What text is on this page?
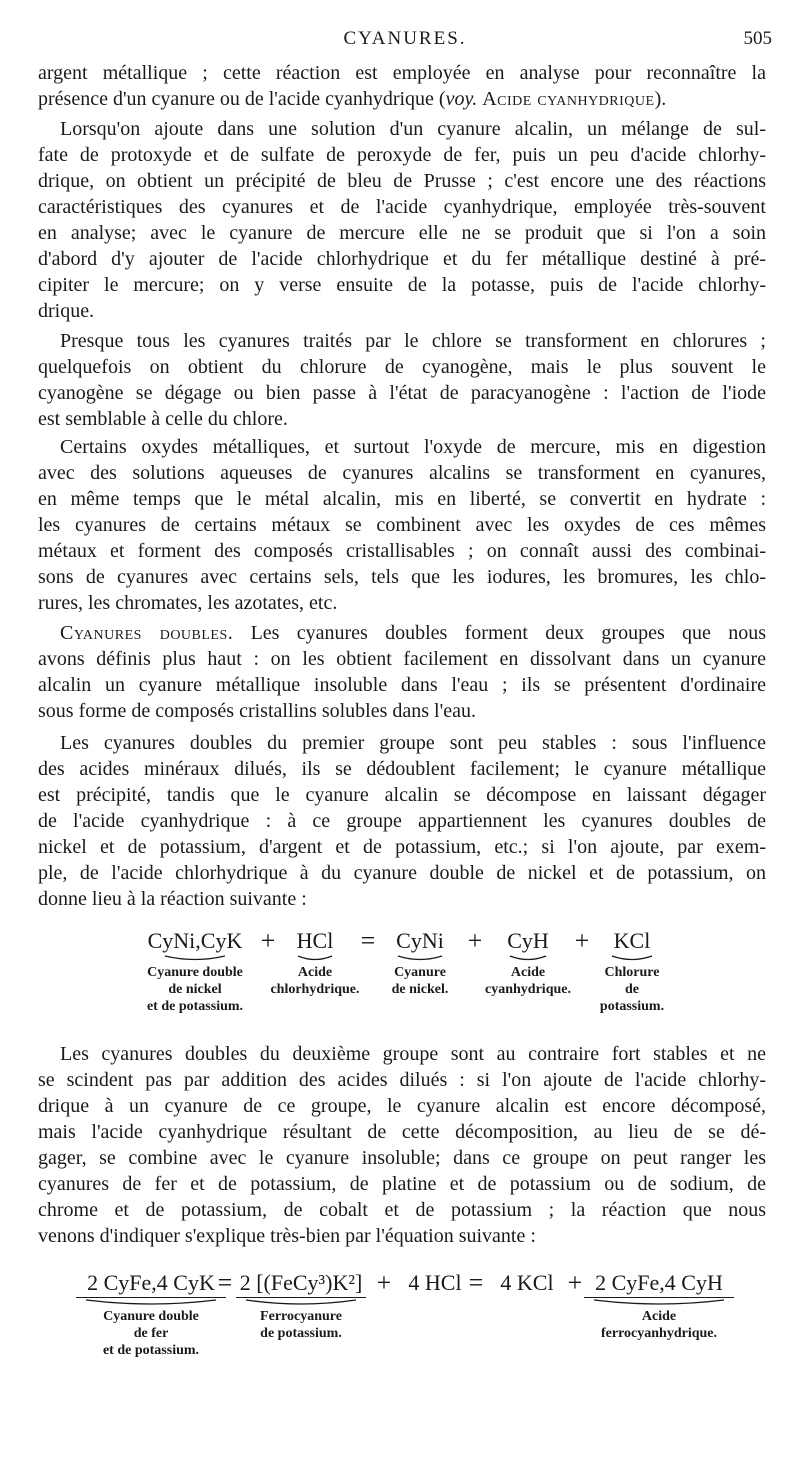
CYANURES.	505
argent métallique ; cette réaction est employée en analyse pour reconnaître la
présence d'un cyanure ou de l'acide cyanhydrique (voy. Acide cyanhydrique).
Lorsqu'on ajoute dans une solution d'un cyanure alcalin, un mélange de sul-
fate de protoxyde et de sulfate de peroxyde de fer, puis un peu d'acide chlorhy-
drique, on obtient un précipité de bleu de Prusse ; c'est encore une des réactions
caractéristiques des cyanures et de l'acide cyanhydrique, employée très-souvent
en analyse; avec le cyanure de mercure elle ne se produit que si l'on a soin
d'abord d'y ajouter de l'acide chlorhydrique et du fer métallique destiné à pré-
cipiter le mercure; on y verse ensuite de la potasse, puis de l'acide chlorhy-
drique.
Presque tous les cyanures traités par le chlore se transforment en chlorures ;
quelquefois on obtient du chlorure de cyanogène, mais le plus souvent le
cyanogène se dégage ou bien passe à l'état de paracyanogène : l'action de l'iode
est semblable à celle du chlore.
Certains oxydes métalliques, et surtout l'oxyde de mercure, mis en digestion
avec des solutions aqueuses de cyanures alcalins se transforment en cyanures,
en même temps que le métal alcalin, mis en liberté, se convertit en hydrate :
les cyanures de certains métaux se combinent avec les oxydes de ces mêmes
métaux et forment des composés cristallisables ; on connaît aussi des combinai-
sons de cyanures avec certains sels, tels que les iodures, les bromures, les chlo-
rures, les chromates, les azotates, etc.
Cyanures doubles. Les cyanures doubles forment deux groupes que nous
avons définis plus haut : on les obtient facilement en dissolvant dans un cyanure
alcalin un cyanure métallique insoluble dans l'eau ; ils se présentent d'ordinaire
sous forme de composés cristallins solubles dans l'eau.
Les cyanures doubles du premier groupe sont peu stables : sous l'influence
des acides minéraux dilués, ils se dédoublent facilement; le cyanure métallique
est précipité, tandis que le cyanure alcalin se décompose en laissant dégager
de l'acide cyanhydrique : à ce groupe appartiennent les cyanures doubles de
nickel et de potassium, d'argent et de potassium, etc.; si l'on ajoute, par exem-
ple, de l'acide chlorhydrique à du cyanure double de nickel et de potassium, on
donne lieu à la réaction suivante :
CyNi,CyK
Cyanure double
de nickel
et de potassium.
+ HCl
Acide
chlorhydrique.
= CyNi
Cyanure
de nickel.
+	CyH
Acide
cyanhydrique.
+	KCl
Chlorure
de
potassium.
Les cyanures doubles du deuxième groupe sont au contraire fort stables et ne
se scindent pas par addition des acides dilués : si l'on ajoute de l'acide chlorhy-
drique à un cyanure de ce groupe, le cyanure alcalin est encore décomposé,
mais l'acide cyanhydrique résultant de cette décomposition, au lieu de se dé-
gager, se combine avec le cyanure insoluble; dans ce groupe on peut ranger les
cyanures de fer et de potassium, de platine et de potassium ou de sodium, de
chrome et de potassium, de cobalt et de potassium ; la réaction que nous
venons d'indiquer s'explique très-bien par l'équation suivante :
2 CyFe,4 CyK
Cyanure double
de fer
et de potassium.
= 2 [(FeCy³)K²]
Ferrocyanure
de potassium.
+ 4 HCl = 4 KCl + 2 CyFe,4 CyH
Acide
ferrocyanhydrique.
